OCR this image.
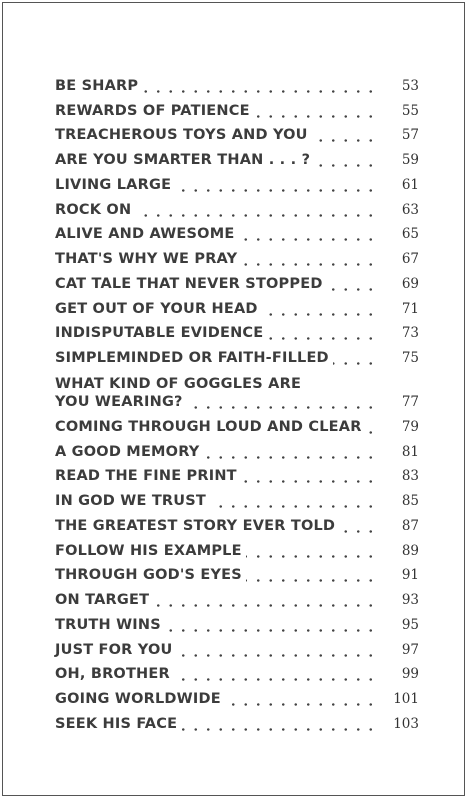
BE SHARP	53
REWARDS OF PATIENCE	55
TREACHEROUS TOYS AND YOU	57
ARE YOU SMARTER THAN . . . ?	59
LIVING LARGE	61
ROCK ON	63
ALIVE AND AWESOME	65
THAT'S WHY WE PRAY	67
CAT TALE THAT NEVER STOPPED	69
GET OUT OF YOUR HEAD	71
INDISPUTABLE EVIDENCE	73
SIMPLEMINDED OR FAITH-FILLED	75
WHAT KIND OF GOGGLES ARE YOU WEARING?	77
COMING THROUGH LOUD AND CLEAR	79
A GOOD MEMORY	81
READ THE FINE PRINT	83
IN GOD WE TRUST	85
THE GREATEST STORY EVER TOLD	87
FOLLOW HIS EXAMPLE	89
THROUGH GOD'S EYES	91
ON TARGET	93
TRUTH WINS	95
JUST FOR YOU	97
OH, BROTHER	99
GOING WORLDWIDE	101
SEEK HIS FACE	103
